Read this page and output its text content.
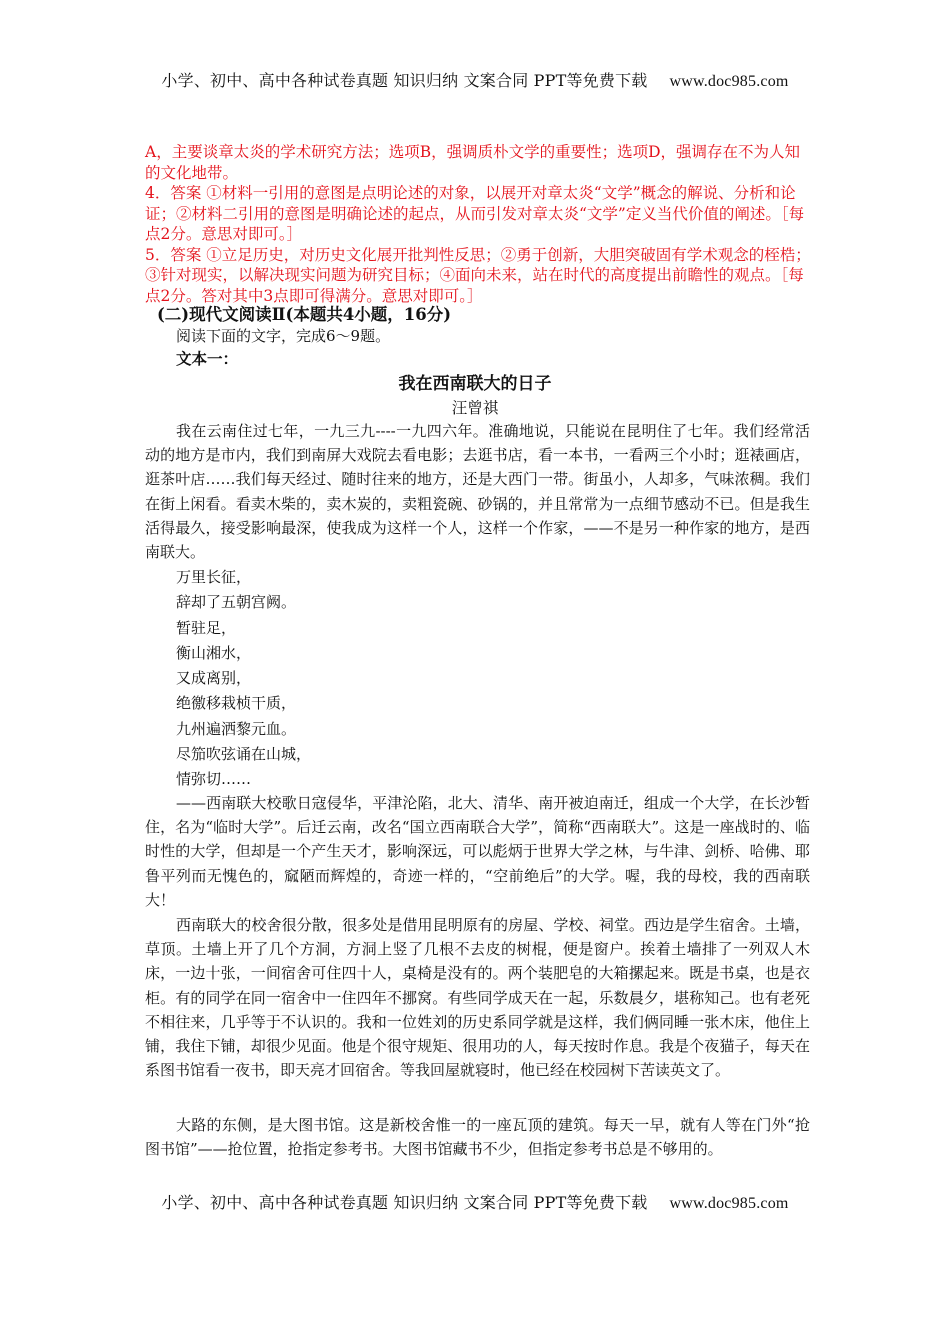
小学、初中、高中各种试卷真题 知识归纳 文案合同 PPT等免费下载 www.doc985.com

A，主要谈章太炎的学术研究方法；选项B，强调质朴文学的重要性；选项D，强调存在不为人知的文化地带。

4．答案 ①材料一引用的意图是点明论述的对象，以展开对章太炎“文学”概念的解说、分析和论证；②材料二引用的意图是明确论述的起点，从而引发对章太炎“文学”定义当代价值的阐述。［每点2分。意思对即可。］

5．答案 ①立足历史，对历史文化展开批判性反思；②勇于创新，大胆突破固有学术观念的桎梏；③针对现实，以解决现实问题为研究目标；④面向未来，站在时代的高度提出前瞻性的观点。［每点2分。答对其中3点即可得满分。意思对即可。］

(二)现代文阅读Ⅱ(本题共4小题，16分)
阅读下面的文字，完成6～9题。
文本一：
我在西南联大的日子
汪曾祺

我在云南住过七年，一九三九----一九四六年。准确地说，只能说在昆明住了七年。我们经常活动的地方是市内，我们到南屏大戏院去看电影；去逛书店，看一本书，一看两三个小时；逛裱画店，逛茶叶店……我们每天经过、随时往来的地方，还是大西门一带。街虽小，人却多，气味浓稠。我们在街上闲看。看卖木柴的，卖木炭的，卖粗瓷碗、砂锅的，并且常常为一点细节感动不已。但是我生活得最久，接受影响最深，使我成为这样一个人，这样一个作家，——不是另一种作家的地方，是西南联大。

万里长征，
辞却了五朝宫阙。
暂驻足，
衡山湘水，
又成离别，
绝徼移栽桢干质，
九州遍洒黎元血。
尽笳吹弦诵在山城，
情弥切……

——西南联大校歌日寇侵华，平津沦陷，北大、清华、南开被迫南迁，组成一个大学，在长沙暂住，名为“临时大学”。后迁云南，改名“国立西南联合大学”，简称“西南联大”。这是一座战时的、临时性的大学，但却是一个产生天才，影响深远，可以彪炳于世界大学之林，与牛津、剑桥、哈佛、耶鲁平列而无愧色的，窳陋而辉煌的，奇迹一样的，“空前绝后”的大学。喔，我的母校，我的西南联大！

西南联大的校舍很分散，很多处是借用昆明原有的房屋、学校、祠堂。西边是学生宿舍。土墙，草顶。土墙上开了几个方洞，方洞上竖了几根不去皮的树棍，便是窗户。挨着土墙排了一列双人木床，一边十张，一间宿舍可住四十人，桌椅是没有的。两个装肥皂的大箱摞起来。既是书桌，也是衣柜。有的同学在同一宿舍中一住四年不挪窝。有些同学成天在一起，乐数晨夕，堪称知己。也有老死不相往来，几乎等于不认识的。我和一位姓刘的历史系同学就是这样，我们俩同睡一张木床，他住上铺，我住下铺，却很少见面。他是个很守规矩、很用功的人，每天按时作息。我是个夜猫子，每天在系图书馆看一夜书，即天亮才回宿舍。等我回屋就寝时，他已经在校园树下苦读英文了。

大路的东侧，是大图书馆。这是新校舍惟一的一座瓦顶的建筑。每天一早，就有人等在门外“抢图书馆”——抢位置，抢指定参考书。大图书馆藏书不少，但指定参考书总是不够用的。

小学、初中、高中各种试卷真题 知识归纳 文案合同 PPT等免费下载 www.doc985.com
